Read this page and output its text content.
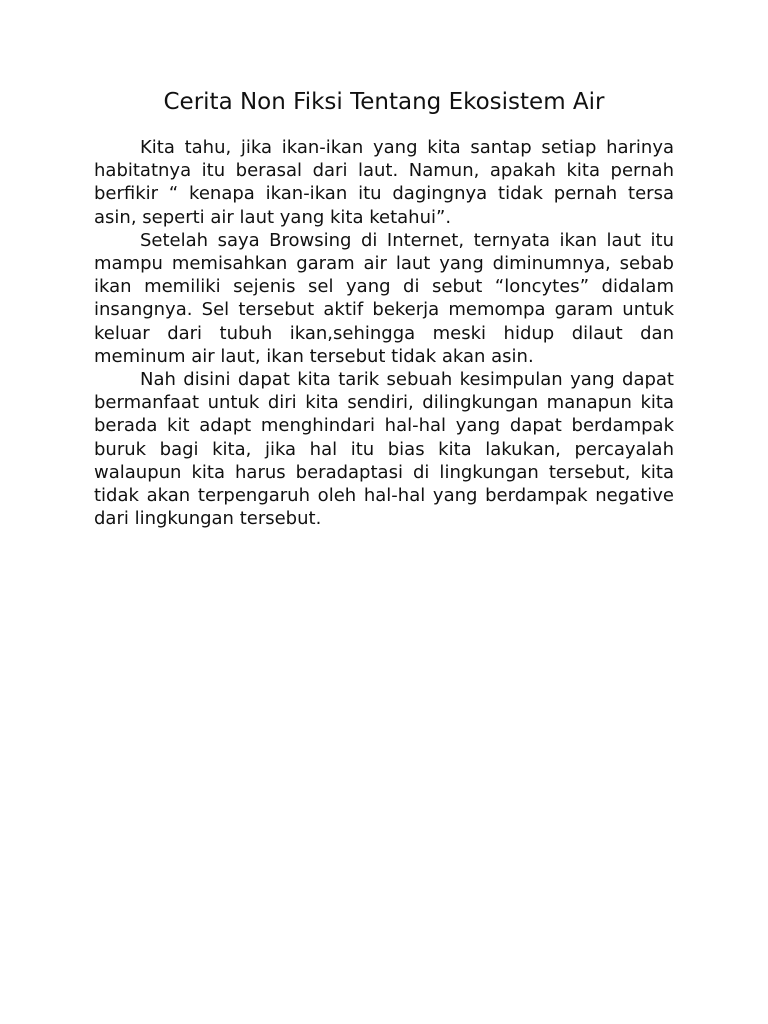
Cerita Non Fiksi Tentang Ekosistem Air

Kita tahu, jika ikan-ikan yang kita santap setiap harinya habitatnya itu berasal dari laut. Namun, apakah kita pernah berfikir “ kenapa ikan-ikan itu dagingnya tidak pernah tersa asin, seperti air laut yang kita ketahui”.

Setelah saya Browsing di Internet, ternyata ikan laut itu mampu memisahkan garam air laut yang diminumnya, sebab ikan memiliki sejenis sel yang di sebut “loncytes” didalam insangnya. Sel tersebut aktif bekerja memompa garam untuk keluar dari tubuh ikan,sehingga meski hidup dilaut dan meminum air laut, ikan tersebut tidak akan asin.

Nah disini dapat kita tarik sebuah kesimpulan yang dapat bermanfaat untuk diri kita sendiri, dilingkungan manapun kita berada kit adapt menghindari hal-hal yang dapat berdampak buruk bagi kita, jika hal itu bias kita lakukan, percayalah walaupun kita harus beradaptasi di lingkungan tersebut, kita tidak akan terpengaruh oleh hal-hal yang berdampak negative dari lingkungan tersebut.
